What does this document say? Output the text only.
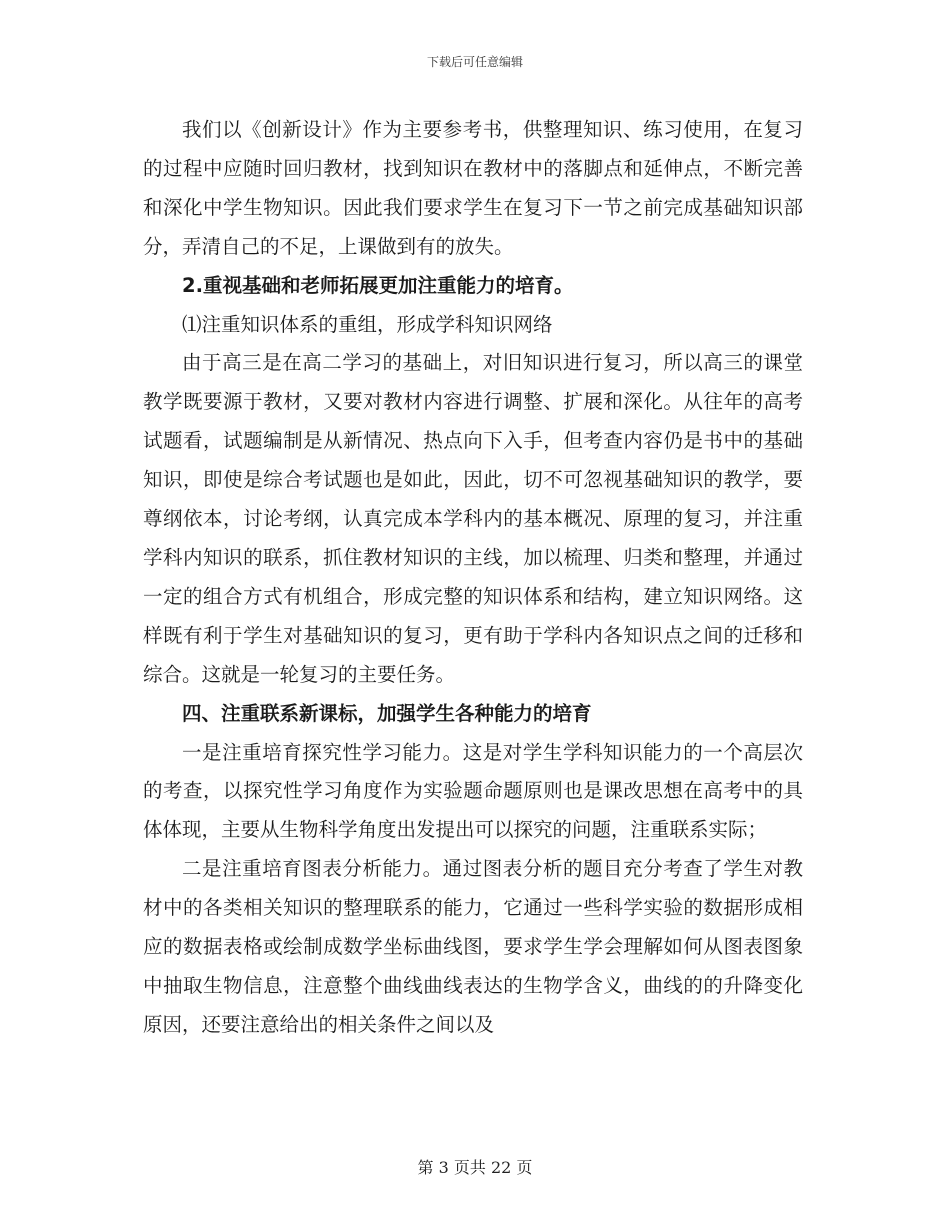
下载后可任意编辑

我们以《创新设计》作为主要参考书，供整理知识、练习使用，在复习的过程中应随时回归教材，找到知识在教材中的落脚点和延伸点，不断完善和深化中学生物知识。因此我们要求学生在复习下一节之前完成基础知识部分，弄清自己的不足，上课做到有的放失。

2.重视基础和老师拓展更加注重能力的培育。

⑴注重知识体系的重组，形成学科知识网络

由于高三是在高二学习的基础上，对旧知识进行复习，所以高三的课堂教学既要源于教材，又要对教材内容进行调整、扩展和深化。从往年的高考试题看，试题编制是从新情况、热点向下入手，但考查内容仍是书中的基础知识，即使是综合考试题也是如此，因此，切不可忽视基础知识的教学，要尊纲依本，讨论考纲，认真完成本学科内的基本概况、原理的复习，并注重学科内知识的联系，抓住教材知识的主线，加以梳理、归类和整理，并通过一定的组合方式有机组合，形成完整的知识体系和结构，建立知识网络。这样既有利于学生对基础知识的复习，更有助于学科内各知识点之间的迁移和综合。这就是一轮复习的主要任务。

四、注重联系新课标，加强学生各种能力的培育

一是注重培育探究性学习能力。这是对学生学科知识能力的一个高层次的考查，以探究性学习角度作为实验题命题原则也是课改思想在高考中的具体体现，主要从生物科学角度出发提出可以探究的问题，注重联系实际；

二是注重培育图表分析能力。通过图表分析的题目充分考查了学生对教材中的各类相关知识的整理联系的能力，它通过一些科学实验的数据形成相应的数据表格或绘制成数学坐标曲线图，要求学生学会理解如何从图表图象中抽取生物信息，注意整个曲线曲线表达的生物学含义，曲线的的升降变化原因，还要注意给出的相关条件之间以及

第 3 页共 22 页
